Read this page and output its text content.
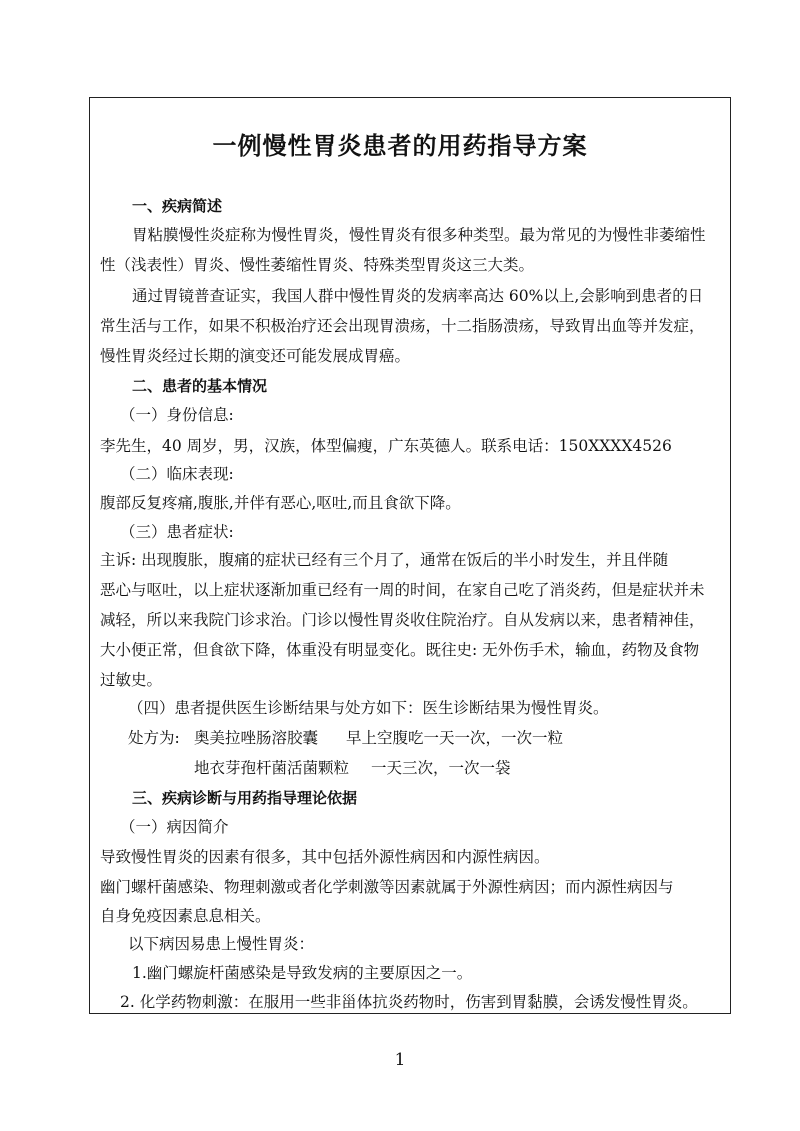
一例慢性胃炎患者的用药指导方案
一、疾病简述
胃粘膜慢性炎症称为慢性胃炎，慢性胃炎有很多种类型。最为常见的为慢性非萎缩性
性（浅表性）胃炎、慢性萎缩性胃炎、特殊类型胃炎这三大类。
通过胃镜普查证实，我国人群中慢性胃炎的发病率高达 60%以上,会影响到患者的日
常生活与工作，如果不积极治疗还会出现胃溃疡，十二指肠溃疡，导致胃出血等并发症，
慢性胃炎经过长期的演变还可能发展成胃癌。
二、患者的基本情况
（一）身份信息:
李先生，40 周岁，男，汉族，体型偏瘦，广东英德人。联系电话：150XXXX4526
（二）临床表现:
腹部反复疼痛,腹胀,并伴有恶心,呕吐,而且食欲下降。
（三）患者症状:
主诉: 出现腹胀，腹痛的症状已经有三个月了，通常在饭后的半小时发生，并且伴随
恶心与呕吐，以上症状逐渐加重已经有一周的时间，在家自己吃了消炎药，但是症状并未
减轻，所以来我院门诊求治。门诊以慢性胃炎收住院治疗。自从发病以来，患者精神佳，
大小便正常，但食欲下降，体重没有明显变化。既往史: 无外伤手术，输血，药物及食物
过敏史。
（四）患者提供医生诊断结果与处方如下：医生诊断结果为慢性胃炎。
处方为: 奥美拉唑肠溶胶囊 早上空腹吃一天一次，一次一粒
地衣芽孢杆菌活菌颗粒 一天三次，一次一袋
三、疾病诊断与用药指导理论依据
（一）病因简介
导致慢性胃炎的因素有很多，其中包括外源性病因和内源性病因。
幽门螺杆菌感染、物理刺激或者化学刺激等因素就属于外源性病因；而内源性病因与
自身免疫因素息息相关。
以下病因易患上慢性胃炎：
1.幽门螺旋杆菌感染是导致发病的主要原因之一。
2. 化学药物刺激：在服用一些非甾体抗炎药物时，伤害到胃黏膜，会诱发慢性胃炎。
1
